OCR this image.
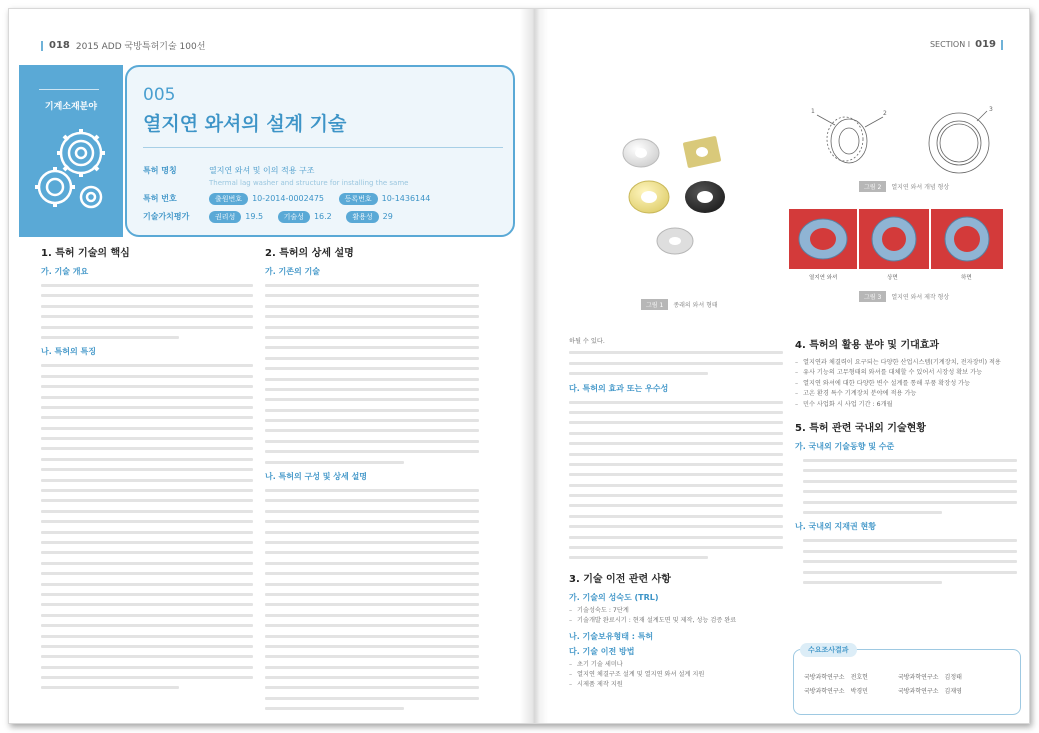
018 2015 ADD 국방특허기술 100선	SECTION I 019
기계소재분야
005
열지연 와셔의 설계 기술
특허 명칭	열지연 와셔 및 이의 적용 구조
Thermal lag washer and structure for installing the same
특허 번호	출원번호 10-2014-0002475	등록번호 10-1436144
기술가치평가	권리성 19.5	기술성 16.2	활용성 29
1. 특허 기술의 핵심
가. 기술 개요
나. 특허의 특징
2. 특허의 상세 설명
가. 기존의 기술
나. 특허의 구성 및 상세 설명
그림 1	종래의 와셔 형태
1	2
3
그림 2	열지연 와셔 개념 형상
열지연 와셔	상면	하면
그림 3	열지연 와셔 제작 형상
하될 수 있다.
다. 특허의 효과 또는 우수성
3. 기술 이전 관련 사항
가. 기술의 성숙도 (TRL)
– 기술성숙도 : 7단계
– 기술개발 완료시기 : 현재 설계도면 및 제작, 성능 검증 완료
나. 기술보유형태 : 특허
다. 기술 이전 방법
– 초기 기술 세미나
– 열지연 체결구조 설계 및 열지연 와셔 설계 지원
– 시제품 제작 지원
4. 특허의 활용 분야 및 기대효과
– 열지연과 체결력이 요구되는 다양한 산업시스템(기계장치, 전자장비) 적용
– 유사 기능의 고무형태의 와셔를 대체할 수 있어서 시장성 확보 가능
– 열지연 와셔에 대한 다양한 변수 설계를 통해 부품 확장성 가능
– 고온 환경 특수 기계장치 분야에 적용 가능
– 민수 사업화 시 사업 기간 : 6개월
5. 특허 관련 국내외 기술현황
가. 국내외 기술동향 및 수준
나. 국내외 지재권 현황
수요조사결과
국방과학연구소 전호헌	국방과학연구소 김정태
국방과학연구소 박경민	국방과학연구소 김재영
